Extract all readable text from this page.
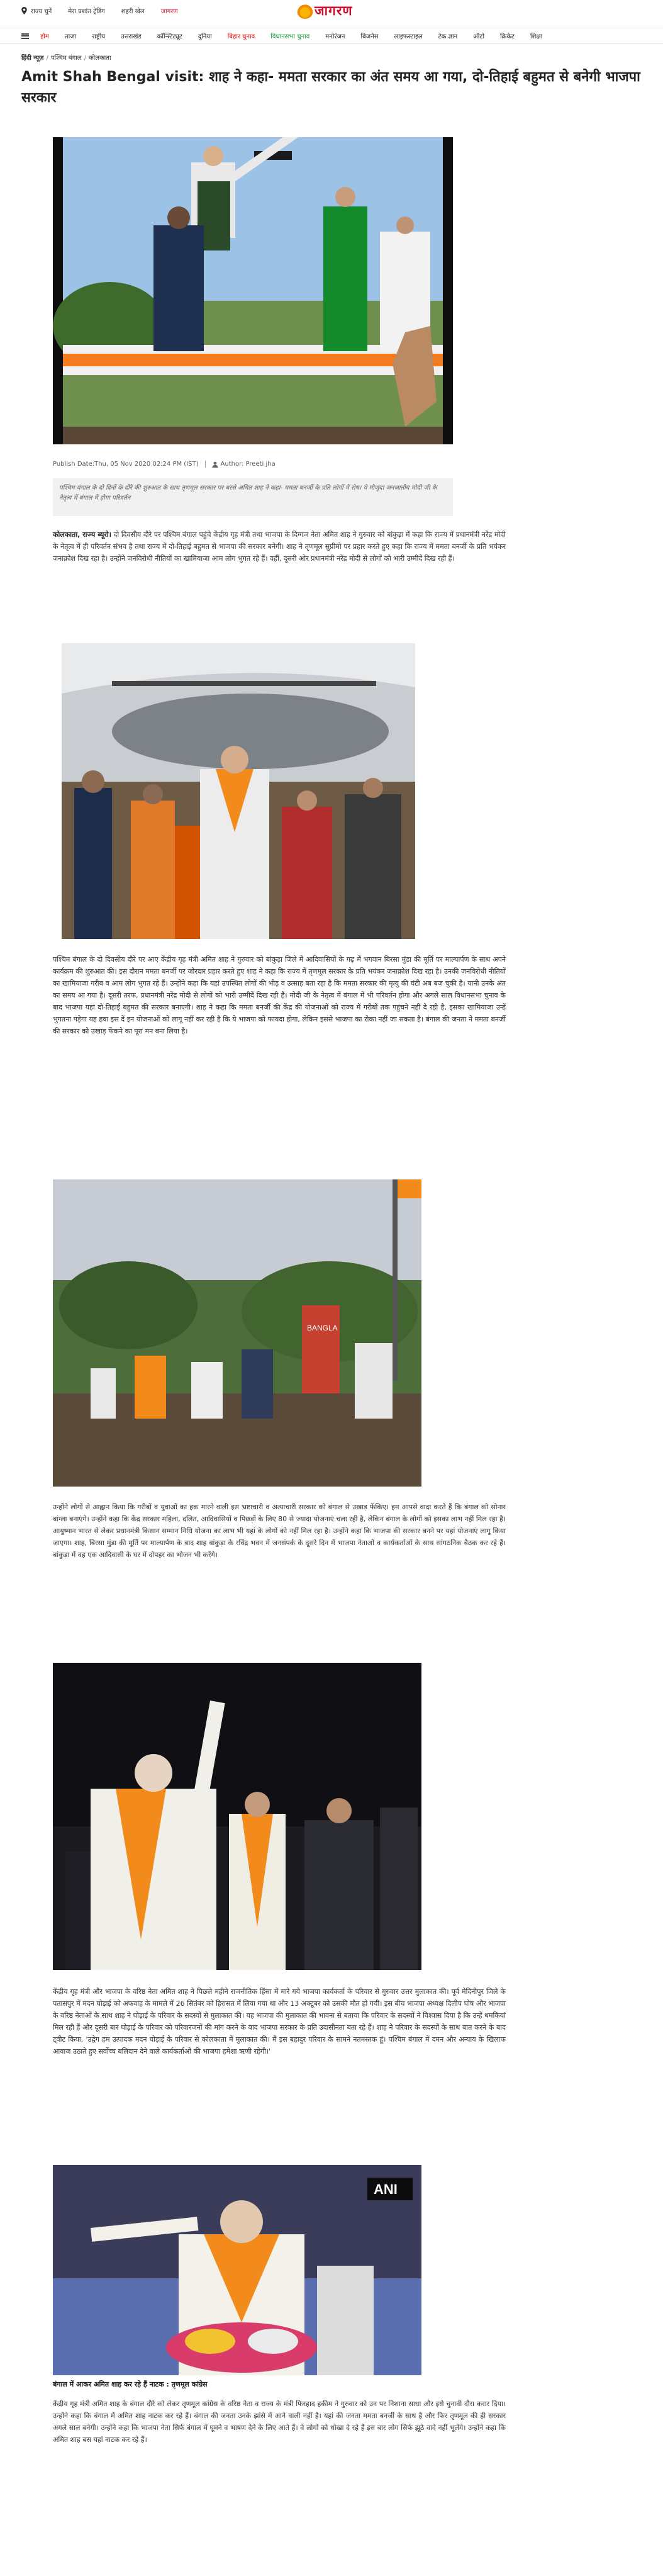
राज्य चुनें	मेरा प्रशांत ट्रेडिंग	शहरी खेल	जागरण	जागरण
होम	ताजा	राष्ट्रीय	उत्तराखंड	कॉन्स्टिट्यूट	दुनिया	बिहार चुनाव	विधानसभा चुनाव	मनोरंजन	बिजनेस	लाइफस्टाइल	टेक ज्ञान	ऑटो	क्रिकेट	शिक्षा
हिंदी न्यूज़ / पश्चिम बंगाल / कोलकाता
Amit Shah Bengal visit: शाह ने कहा- ममता सरकार का अंत समय आ गया, दो-तिहाई बहुमत से बनेगी भाजपा सरकार
Publish Date:Thu, 05 Nov 2020 02:24 PM (IST)	Author: Preeti jha
पश्चिम बंगाल के दो दिनों के दौरे की शुरुआत के साथ तृणमूल सरकार पर बरसे अमित शाह ने कहा- ममता बनर्जी के प्रति लोगों में रोष। ये मौजूदा जनजातीय मोदी जी के नेतृत्व में बंगाल में होगा परिवर्तन

कोलकाता, राज्य ब्यूरो। दो दिवसीय दौरे पर पश्चिम बंगाल पहुंचे केंद्रीय गृह मंत्री तथा भाजपा के दिग्गज नेता अमित शाह ने गुरुवार को बांकुड़ा में कहा कि राज्य में प्रधानमंत्री नरेंद्र मोदी के नेतृत्व में ही परिवर्तन संभव है तथा राज्य में दो-तिहाई बहुमत से भाजपा की सरकार बनेगी। शाह ने तृणमूल सुप्रीमो पर प्रहार करते हुए कहा कि राज्य में ममता बनर्जी के प्रति भयंकर जनाक्रोश दिख रहा है। उन्होंने जनविरोधी नीतियों का खामियाजा आम लोग भुगत रहे हैं। वहीं, दूसरी ओर प्रधानमंत्री नरेंद्र मोदी से लोगों को भारी उम्मीदें दिख रही हैं।

पश्चिम बंगाल के दो दिवसीय दौरे पर आए केंद्रीय गृह मंत्री अमित शाह ने गुरुवार को बांकुड़ा जिले में आदिवासियों के गढ़ में भगवान बिरसा मुंडा की मूर्ति पर माल्यार्पण के साथ अपने कार्यक्रम की शुरुआत की। इस दौरान ममता बनर्जी पर जोरदार प्रहार करते हुए शाह ने कहा कि राज्य में तृणमूल सरकार के प्रति भयंकर जनाक्रोश दिख रहा है। उनकी जनविरोधी नीतियों का खामियाजा गरीब व आम लोग भुगत रहे हैं। उन्होंने कहा कि यहां उपस्थित लोगों की भीड़ व उत्साह बता रहा है कि ममता सरकार की मृत्यु की घंटी अब बज चुकी है। यानी उनके अंत का समय आ गया है। दूसरी तरफ, प्रधानमंत्री नरेंद्र मोदी से लोगों को भारी उम्मीदें दिख रही हैं। मोदी जी के नेतृत्व में बंगाल में भी परिवर्तन होगा और अगले साल विधानसभा चुनाव के बाद भाजपा यहां दो-तिहाई बहुमत की सरकार बनाएगी। शाह ने कहा कि ममता बनर्जी की केंद्र की योजनाओं को राज्य में गरीबों तक पहुंचने नहीं दे रही है, इसका खामियाजा उन्हें भुगतना पड़ेगा यह हवा इस दें इन योजनाओं को लागू नहीं कर रही है कि ये भाजपा को फायदा होगा, लेकिन इससे भाजपा का रोका नहीं जा सकता है। बंगाल की जनता ने ममता बनर्जी की सरकार को उखाड़ फेंकने का पूरा मन बना लिया है।

BANGLA

उन्होंने लोगों से आह्वान किया कि गरीबों व युवाओं का हक मारने वाली इस भ्रष्टाचारी व अत्याचारी सरकार को बंगाल से उखाड़ फेंकिए। हम आपसे वादा करते हैं कि बंगाल को सोनार बांग्ला बनाएंगे। उन्होंने कहा कि केंद्र सरकार महिला, दलित, आदिवासियों व पिछड़ों के लिए 80 से ज्यादा योजनाएं चला रही है, लेकिन बंगाल के लोगों को इसका लाभ नहीं मिल रहा है। आयुष्मान भारत से लेकर प्रधानमंत्री किसान सम्मान निधि योजना का लाभ भी यहां के लोगों को नहीं मिल रहा है। उन्होंने कहा कि भाजपा की सरकार बनने पर यहां योजनाएं लागू किया जाएगा। शाह, बिरसा मुंडा की मूर्ति पर माल्यार्पण के बाद शाह बांकुड़ा के रविंद्र भवन में जनसंपर्क के दूसरे दिन में भाजपा नेताओं व कार्यकर्ताओं के साथ सांगठनिक बैठक कर रहे हैं। बांकुड़ा में वह एक आदिवासी के घर में दोपहर का भोजन भी करेंगे।

केंद्रीय गृह मंत्री और भाजपा के वरिष्ठ नेता अमित शाह ने पिछले महीने राजनीतिक हिंसा में मारे गये भाजपा कार्यकर्ता के परिवार से गुरुवार उत्तर मुलाकात की। पूर्व मेदिनीपुर जिले के पतासपुर में मदन घोड़ाई को अफवाह के मामले में 26 सितंबर को हिरासत में लिया गया था और 13 अक्टूबर को उसकी मौत हो गयी। इस बीच भाजपा अध्यक्ष दिलीप घोष और भाजपा के वरिष्ठ नेताओं के साथ शाह ने घोड़ाई के परिवार के सदस्यों से मुलाकात की। यह भाजपा की मुलाकात की भावना से बताया कि परिवार के सदस्यों ने विश्वास दिया है कि उन्हें धमकियां मिल रही हैं और दूसरी बार घोड़ाई के परिवार को परिवारजनों की मांग करने के बाद भाजपा सरकार के प्रति उदासीनता बता रहे हैं। शाह ने परिवार के सदस्यों के साथ बात करने के बाद ट्वीट किया, 'उद्वेग हम उत्पादक मदन घोड़ाई के परिवार से कोलकाता में मुलाकात की। मैं इस बहादुर परिवार के सामने नतमस्तक हूं। पश्चिम बंगाल में दमन और अन्याय के खिलाफ आवाज उठाते हुए सर्वोच्च बलिदान देने वाले कार्यकर्ताओं की भाजपा हमेशा ऋणी रहेगी।'

ANI
बंगाल में आकर अमित शाह कर रहे हैं नाटक : तृणमूल कांग्रेस

केंद्रीय गृह मंत्री अमित शाह के बंगाल दौरे को लेकर तृणमूल कांग्रेस के वरिष्ठ नेता व राज्य के मंत्री फिरहाद हकीम ने गुरुवार को उन पर निशाना साधा और इसे चुनावी दौरा करार दिया। उन्होंने कहा कि बंगाल में अमित शाह नाटक कर रहे हैं। बंगाल की जनता उनके झांसे में आने वाली नहीं है। यहां की जनता ममता बनर्जी के साथ है और फिर तृणमूल की ही सरकार अगले साल बनेगी। उन्होंने कहा कि भाजपा नेता सिर्फ बंगाल में घूमने व भाषण देने के लिए आते हैं। वे लोगों को धोखा दे रहे हैं इस बार लोग सिर्फ झूठे वादे नहीं भूलेंगे। उन्होंने कहा कि अमित शाह बस यहां नाटक कर रहे हैं।
